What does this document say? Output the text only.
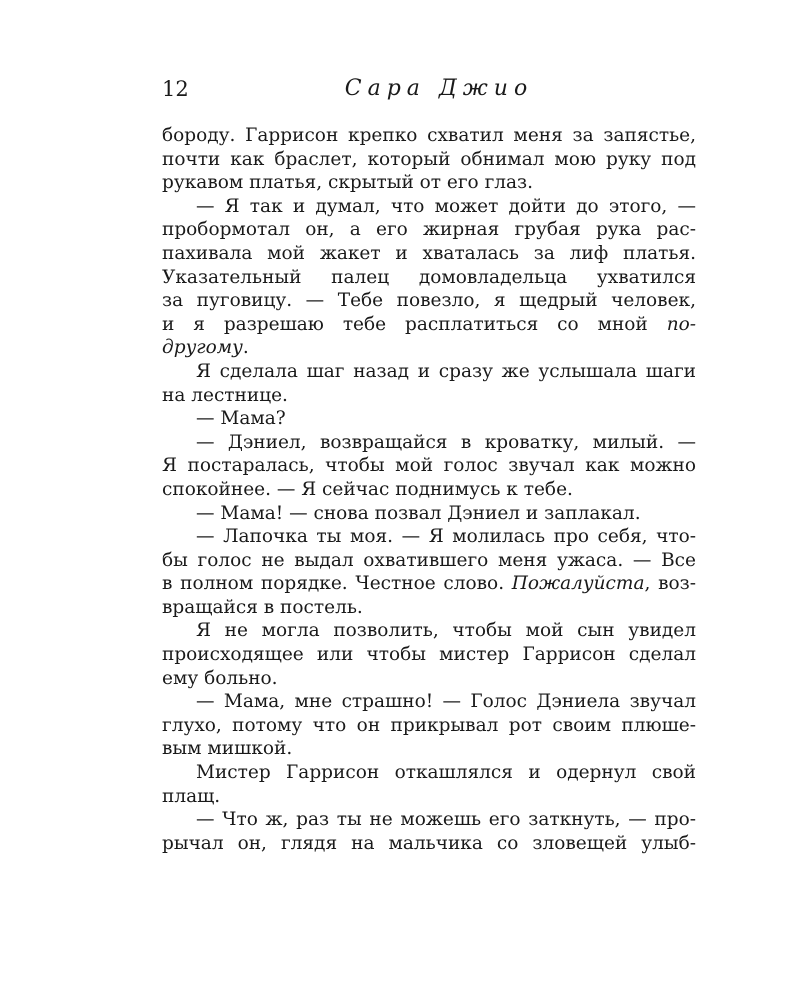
12	Сара Джио
бороду. Гаррисон крепко схватил меня за запястье,
почти как браслет, который обнимал мою руку под
рукавом платья, скрытый от его глаз.
— Я так и думал, что может дойти до этого, —
пробормотал он, а его жирная грубая рука рас-
пахивала мой жакет и хваталась за лиф платья.
Указательный палец домовладельца ухватился
за пуговицу. — Тебе повезло, я щедрый человек,
и я разрешаю тебе расплатиться со мной по-
другому.
Я сделала шаг назад и сразу же услышала шаги
на лестнице.
— Мама?
— Дэниел, возвращайся в кроватку, милый. —
Я постаралась, чтобы мой голос звучал как можно
спокойнее. — Я сейчас поднимусь к тебе.
— Мама! — снова позвал Дэниел и заплакал.
— Лапочка ты моя. — Я молилась про себя, что-
бы голос не выдал охватившего меня ужаса. — Все
в полном порядке. Честное слово. Пожалуйста, воз-
вращайся в постель.
Я не могла позволить, чтобы мой сын увидел
происходящее или чтобы мистер Гаррисон сделал
ему больно.
— Мама, мне страшно! — Голос Дэниела звучал
глухо, потому что он прикрывал рот своим плюше-
вым мишкой.
Мистер Гаррисон откашлялся и одернул свой
плащ.
— Что ж, раз ты не можешь его заткнуть, — про-
рычал он, глядя на мальчика со зловещей улыб-
